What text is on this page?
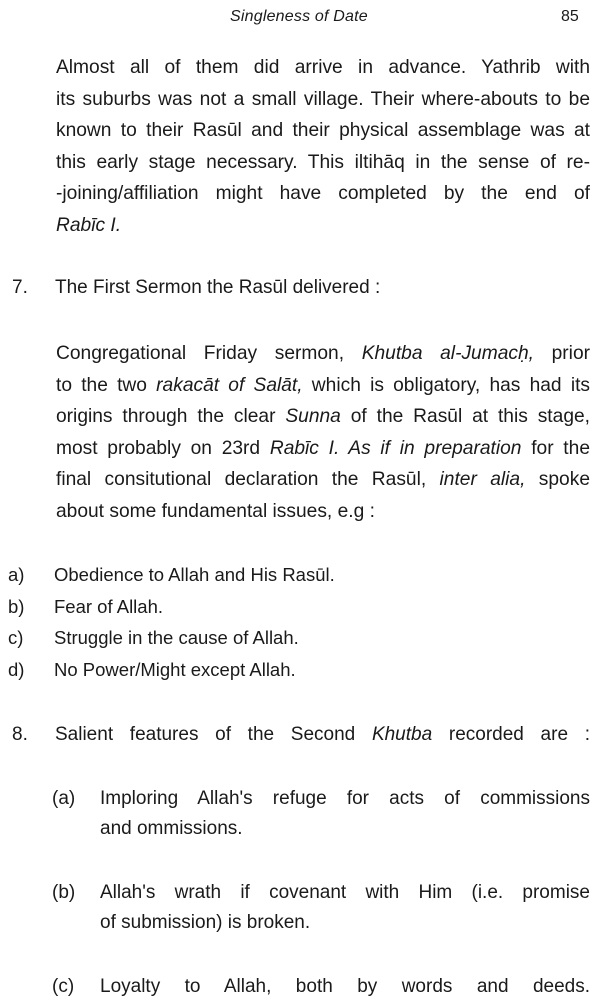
Singleness of Date	85

Almost all of them did arrive in advance. Yathrib with
its suburbs was not a small village. Their where-abouts to be
known to their Rasūl and their physical assemblage was at
this early stage necessary. This iltihāq in the sense of re-
-joining/affiliation might have completed by the end of
Rabīc I.

7. The First Sermon the Rasūl delivered :

Congregational Friday sermon, Khutba al-Jumacḥ, prior
to the two rakacāt of Salāt, which is obligatory, has had its
origins through the clear Sunna of the Rasūl at this stage,
most probably on 23rd Rabīc I. As if in preparation for the
final consitutional declaration the Rasūl, inter alia, spoke
about some fundamental issues, e.g :

a) Obedience to Allah and His Rasūl.
b) Fear of Allah.
c) Struggle in the cause of Allah.
d) No Power/Might except Allah.
8. Salient features of the Second Khutba recorded are :
(a) Imploring Allah's refuge for acts of commissions
and ommissions.
(b) Allah's wrath if covenant with Him (i.e. promise
of submission) is broken.
(c) Loyalty to Allah, both by words and deeds.
